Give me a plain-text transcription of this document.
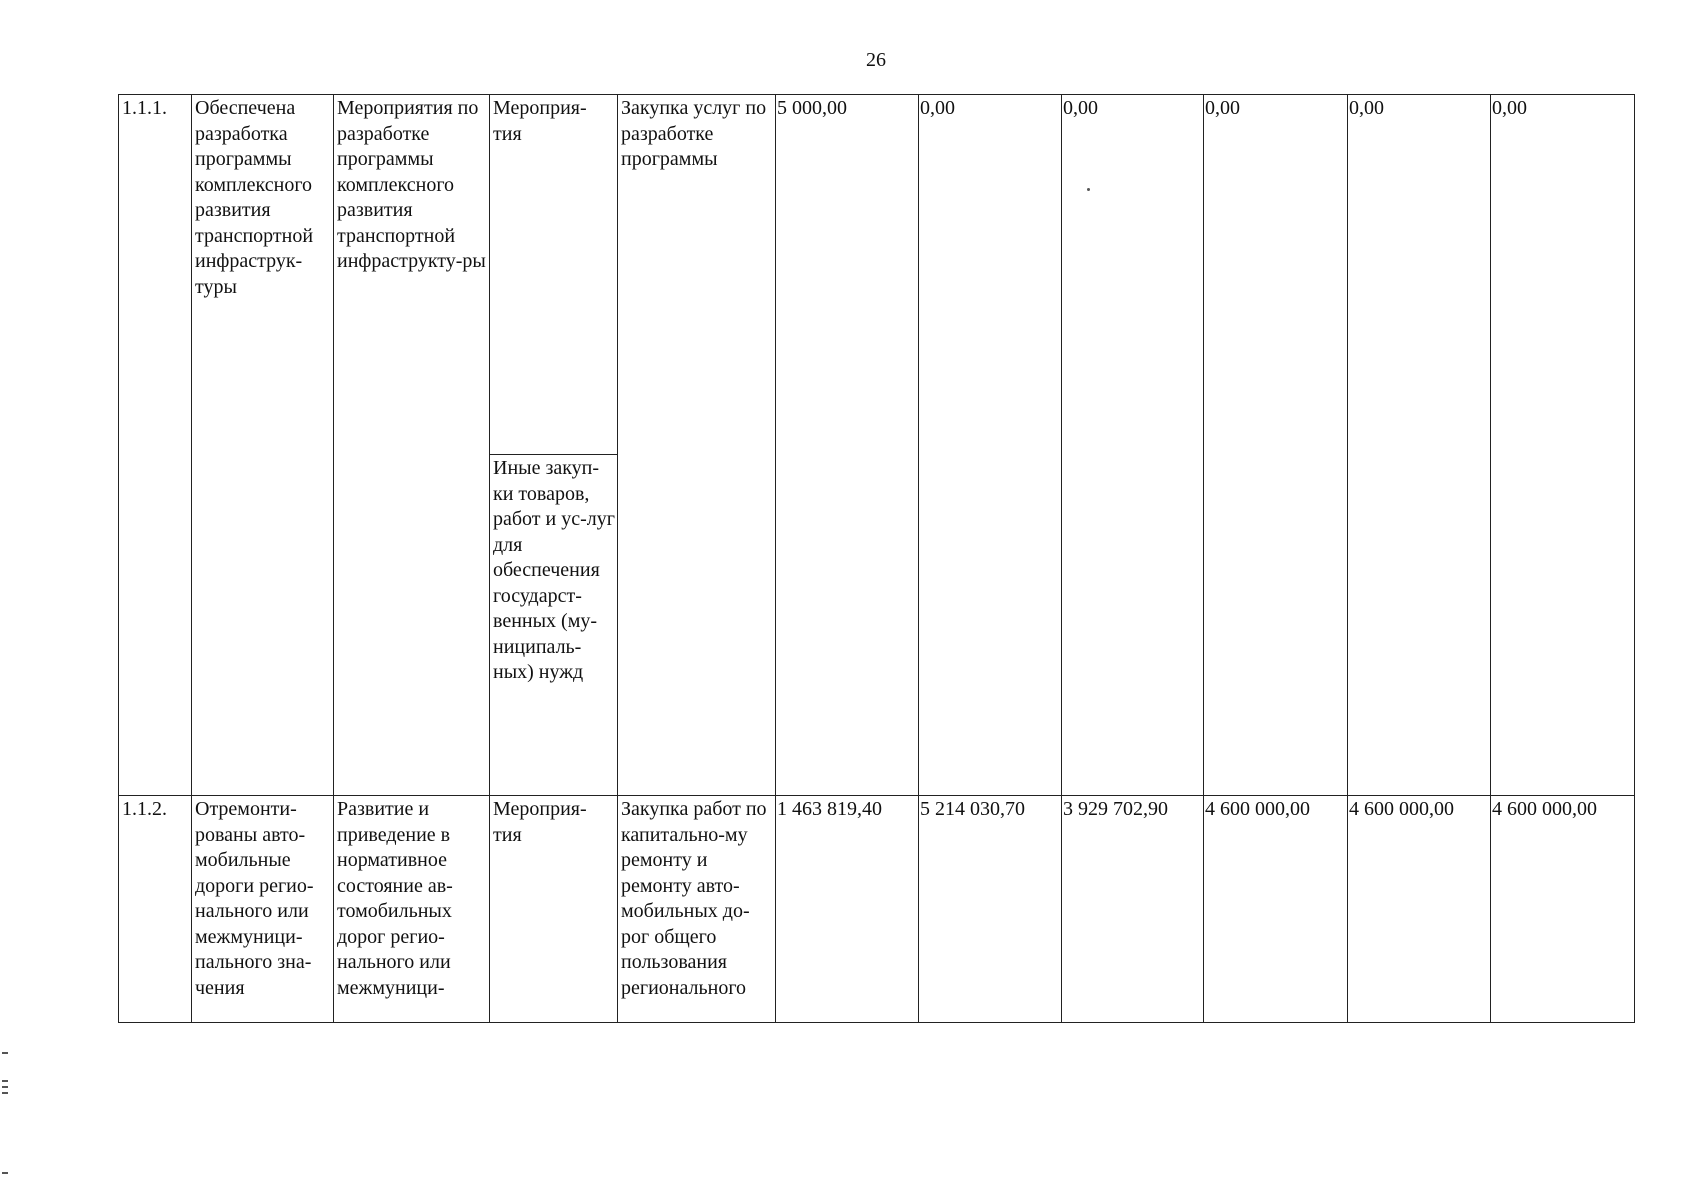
26
1.1.1.	Обеспечена разработка программы комплексного развития транспортной инфраструк-туры	Мероприятия по разработке программы комплексного развития транспортной инфраструкту-ры	Мероприя-тия	Закупка услуг по разработке программы	5 000,00	0,00	0,00	0,00	0,00	0,00
			Иные закуп-ки товаров, работ и ус-луг для обеспечения государст-венных (му-ниципаль-ных) нужд							
1.1.2.	Отремонти-рованы авто-мобильные дороги регио-нального или межмуници-пального зна-чения	Развитие и приведение в нормативное состояние ав-томобильных дорог регио-нального или межмуници-	Мероприя-тия	Закупка работ по капитально-му ремонту и ремонту авто-мобильных до-рог общего пользования регионального	1 463 819,40	5 214 030,70	3 929 702,90	4 600 000,00	4 600 000,00	4 600 000,00
